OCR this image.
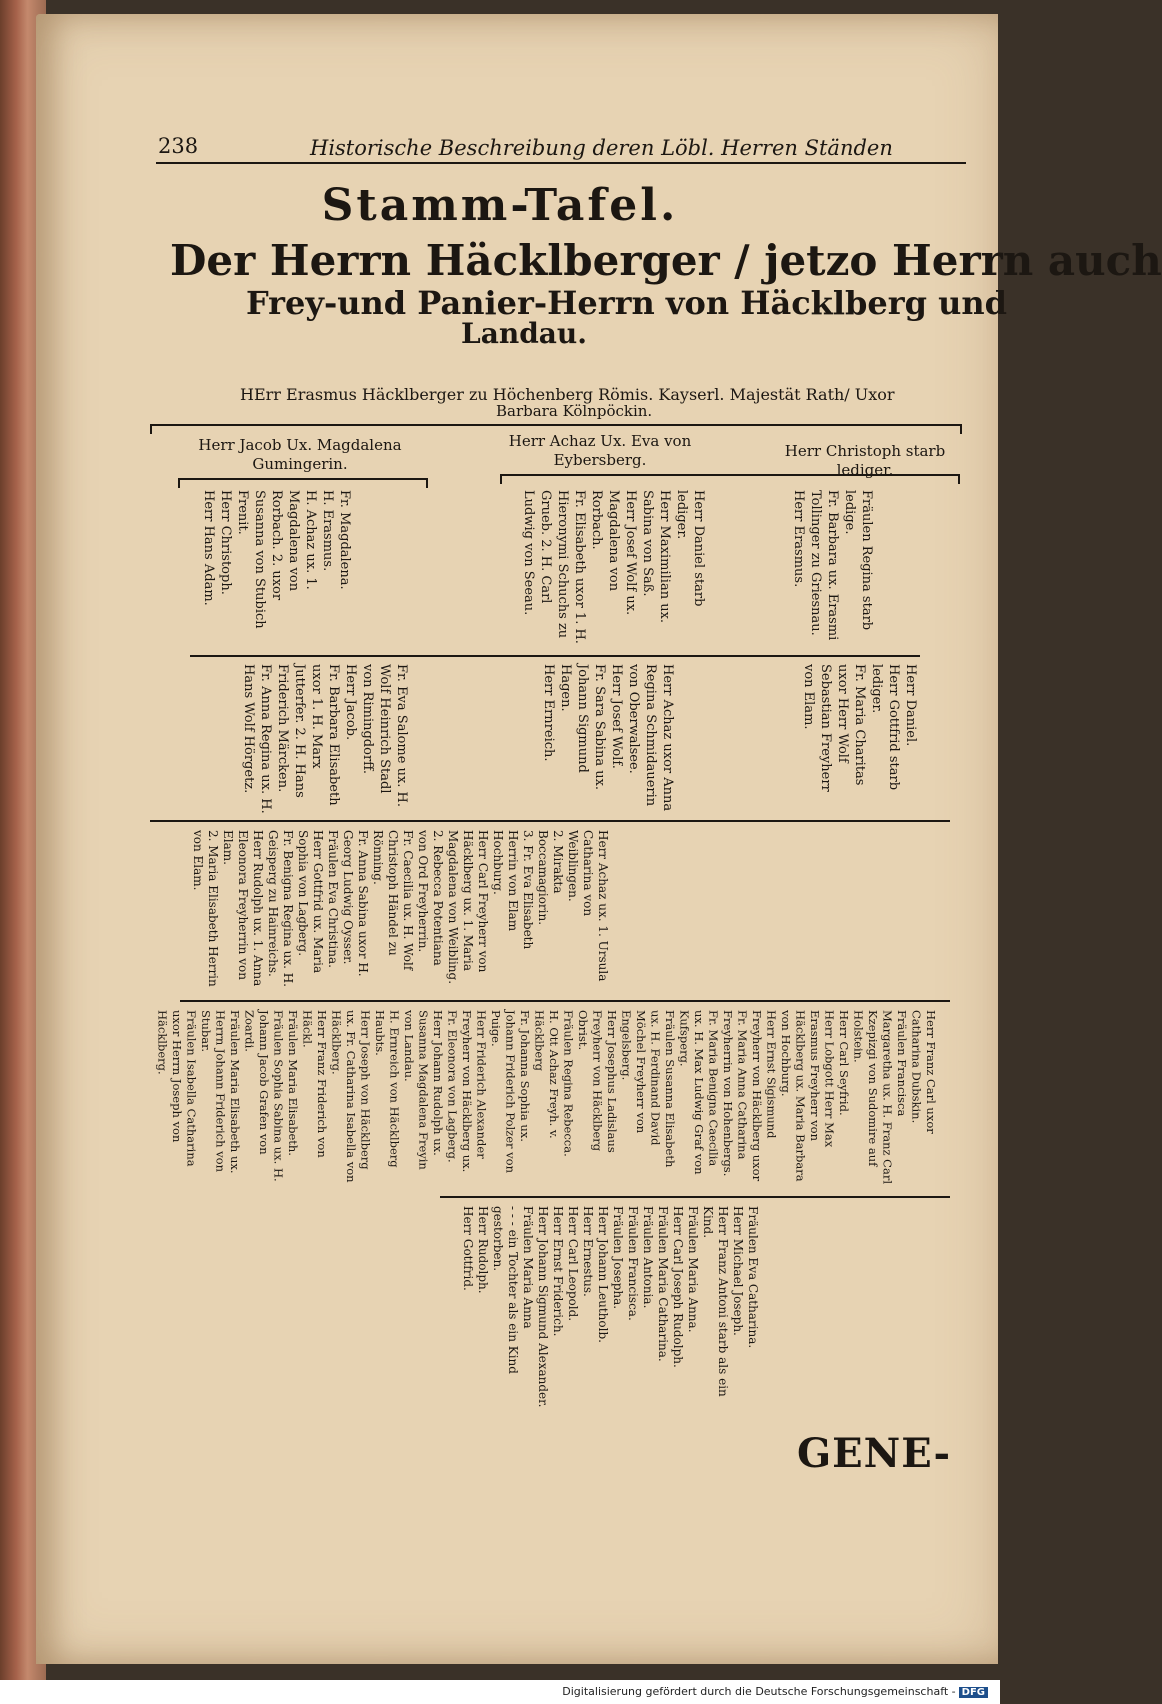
238	Historische Beschreibung deren Löbl. Herren Ständen
Stamm-Tafel.
Der Herrn Häcklberger / jetzo Herrn auch
Frey-und Panier-Herrn von Häcklberg und
Landau.
HErr Erasmus Häcklberger zu Höchenberg Römis. Kayserl. Majestät Rath/ Uxor
Barbara Kölnpöckin.
Herr Jacob Ux. Magdalena Gumingerin.
Herr Achaz Ux. Eva von Eybersberg.	Herr Christoph starb lediger.
Fr. Magdalena.
H. Erasmus.
H. Achaz ux. 1. Magdalena von Rorbach. 2. uxor Susanna von Stubich
Frenit.
Herr Christoph.
Herr Hans Adam.	Herr Daniel starb lediger.
Herr Maximilian ux. Sabina von Saß.
Herr Josef Wolf ux. Magdalena von Rorbach.
Fr. Elisabeth uxor 1. H. Hieronymi Schuchs zu Grueb. 2. H. Carl Ludwig von Seeau.	Fräulen Regina starb ledige.
Fr. Barbara ux. Erasmi Tollinger zu Griesnau.
Herr Erasmus.
Fr. Eva Salome ux. H. Wolf Heinrich Stadl von Rimingdorff.
Herr Jacob.
Fr. Barbara Elisabeth uxor 1. H. Marx Jutterfer. 2. H. Hans Friderich Märcken.
Fr. Anna Regina ux. H. Hans Wolf Hörgetz.	Herr Achaz uxor Anna Regina Schmidauerin von Oberwalsee.
Herr Josef Wolf.
Fr. Sara Sabina ux. Johann Sigmund Hagen.
Herr Ernreich.	Herr Daniel.
Herr Gottfrid starb lediger.
Fr. Maria Charitas uxor Herr Wolf Sebastian Freyherr von Elam.
Herr Achaz ux. 1. Ursula Catharina von Weiblingen.
2. Mirakta Boccamagiorin.
3. Fr. Eva Elisabeth Herrin von Elam Hochburg.
Herr Carl Freyherr von Häcklberg ux. 1. Maria Magdalena von Weibling.
2. Rebecca Potentiana von Ord Freyherrin.
Fr. Caecilia ux. H. Wolf Christoph Händel zu Rönning.
Fr. Anna Sabina uxor H. Georg Ludwig Oysser.
Fräulen Eva Christina.
Herr Gottfrid ux. Maria Sophia von Lagberg.
Fr. Benigna Regina ux. H. Geisperg zu Hainreichs.
Herr Rudolph ux. 1. Anna Eleonora Freyherrin von Elam.
2. Maria Elisabeth Herrin von Elam.
Herr Franz Carl uxor Catharina Dubskin.
Fräulen Francisca Margaretha ux. H. Franz Carl Kzepizgi von Sudomire auf Holstein.
Herr Carl Seyfrid.
Herr Lobgott Herr Max Erasmus Freyherr von Häcklberg ux. Maria Barbara von Hochburg.
Herr Ernst Sigismund Freyherr von Häcklberg uxor Fr. Maria Anna Catharina Freyherrin von Hohenbergs.
Fr. Maria Benigna Caecilia ux. H. Max Ludwig Graf von Kufsperg.
Fräulen Susanna Elisabeth ux. H. Ferdinand David Möchel Freyherr von Engelsberg.
Herr Josephus Ladislaus Freyherr von Häcklberg Obrist.
Fräulen Regina Rebecca.
H. Ott Achaz Freyh. v. Häcklberg
Fr. Johanna Sophia ux. Johann Friderich Polzer von Puige.
Herr Friderich Alexander Freyherr von Häcklberg ux. Fr. Eleonora von Lagberg.
Herr Johann Rudolph ux. Susanna Magdalena Freyin von Landau.
H. Ernreich von Häcklberg Haubts.
Herr Joseph von Häcklberg ux. Fr. Catharina Isabella von Häcklberg.
Herr Franz Friderich von Häckl.
Fräulen Maria Elisabeth.
Fräulen Sophia Sabina ux. H. Johann Jacob Grafen von Zoardi.
Fräulen Maria Elisabeth ux. Herrn Johann Friderich von Stubar.
Fräulen Isabella Catharina uxor Herrn Joseph von Häcklberg.
Fräulen Eva Catharina.
Herr Michael Joseph.
Herr Franz Antoni starb als ein Kind.
Fräulen Maria Anna.
Herr Carl Joseph Rudolph.
Fräulen Maria Catharina.
Fräulen Antonia.
Fräulen Francisca.
Fräulen Josepha.
Herr Johann Leutholb.
Herr Ernestus.
Herr Carl Leopold.
Herr Ernst Friderich.
Herr Johann Sigmund Alexander.
Fräulen Maria Anna
- - - ein Tochter als ein Kind gestorben.
Herr Rudolph.
Herr Gottfrid.
GENE-
Digitalisierung gefördert durch die Deutsche Forschungsgemeinschaft - DFG
